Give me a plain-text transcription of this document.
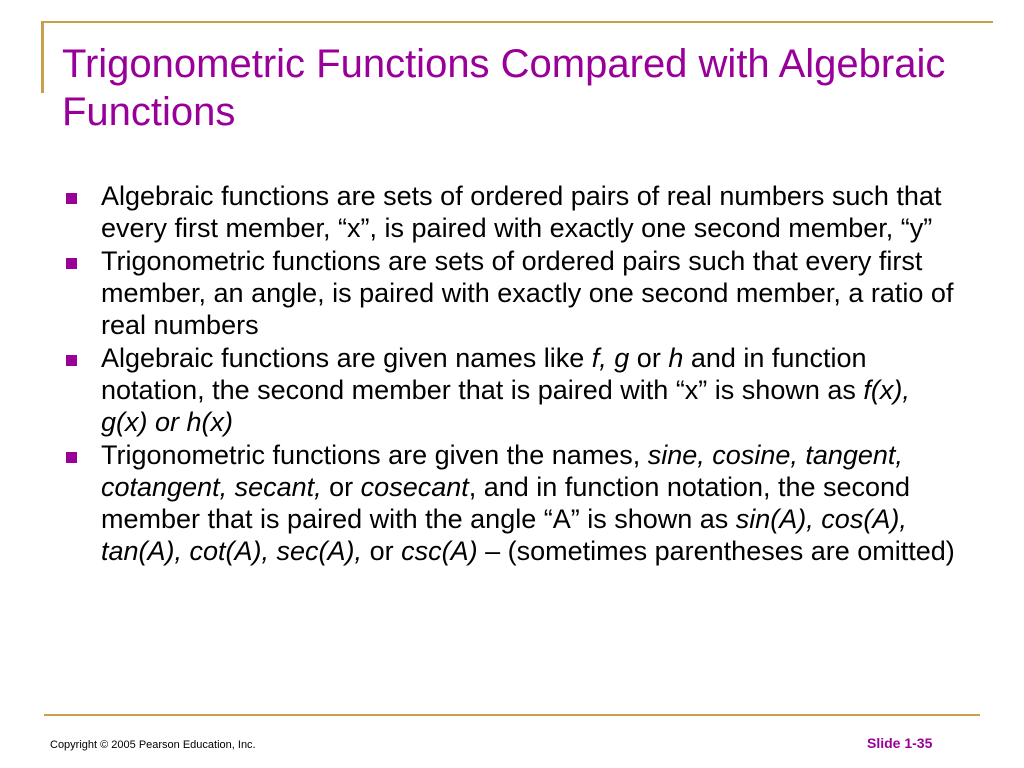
Trigonometric Functions Compared with Algebraic Functions
Algebraic functions are sets of ordered pairs of real numbers such that every first member, “x”, is paired with exactly one second member, “y”
Trigonometric functions are sets of ordered pairs such that every first member, an angle, is paired with exactly one second member, a ratio of real numbers
Algebraic functions are given names like f, g or h and in function notation, the second member that is paired with “x” is shown as f(x), g(x) or h(x)
Trigonometric functions are given the names, sine, cosine, tangent, cotangent, secant, or cosecant, and in function notation, the second member that is paired with the angle “A” is shown as sin(A), cos(A), tan(A), cot(A), sec(A), or csc(A) – (sometimes parentheses are omitted)
Copyright © 2005 Pearson Education, Inc.	Slide 1-35
